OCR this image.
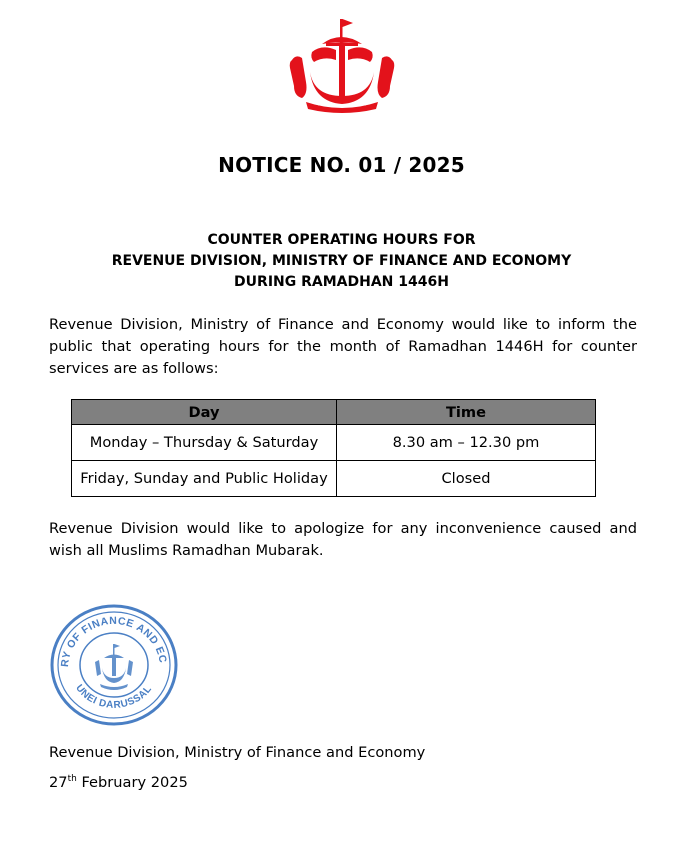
NOTICE NO. 01 / 2025
COUNTER OPERATING HOURS FOR
REVENUE DIVISION, MINISTRY OF FINANCE AND ECONOMY
DURING RAMADHAN 1446H
Revenue Division, Ministry of Finance and Economy would like to inform the public that operating hours for the month of Ramadhan 1446H for counter services are as follows:
Day	Time
Monday – Thursday & Saturday	8.30 am – 12.30 pm
Friday, Sunday and Public Holiday	Closed
Revenue Division would like to apologize for any inconvenience caused and wish all Muslims Ramadhan Mubarak.
RY OF FINANCE AND EC
UNEI DARUSSAL
Revenue Division, Ministry of Finance and Economy
27th February 2025
